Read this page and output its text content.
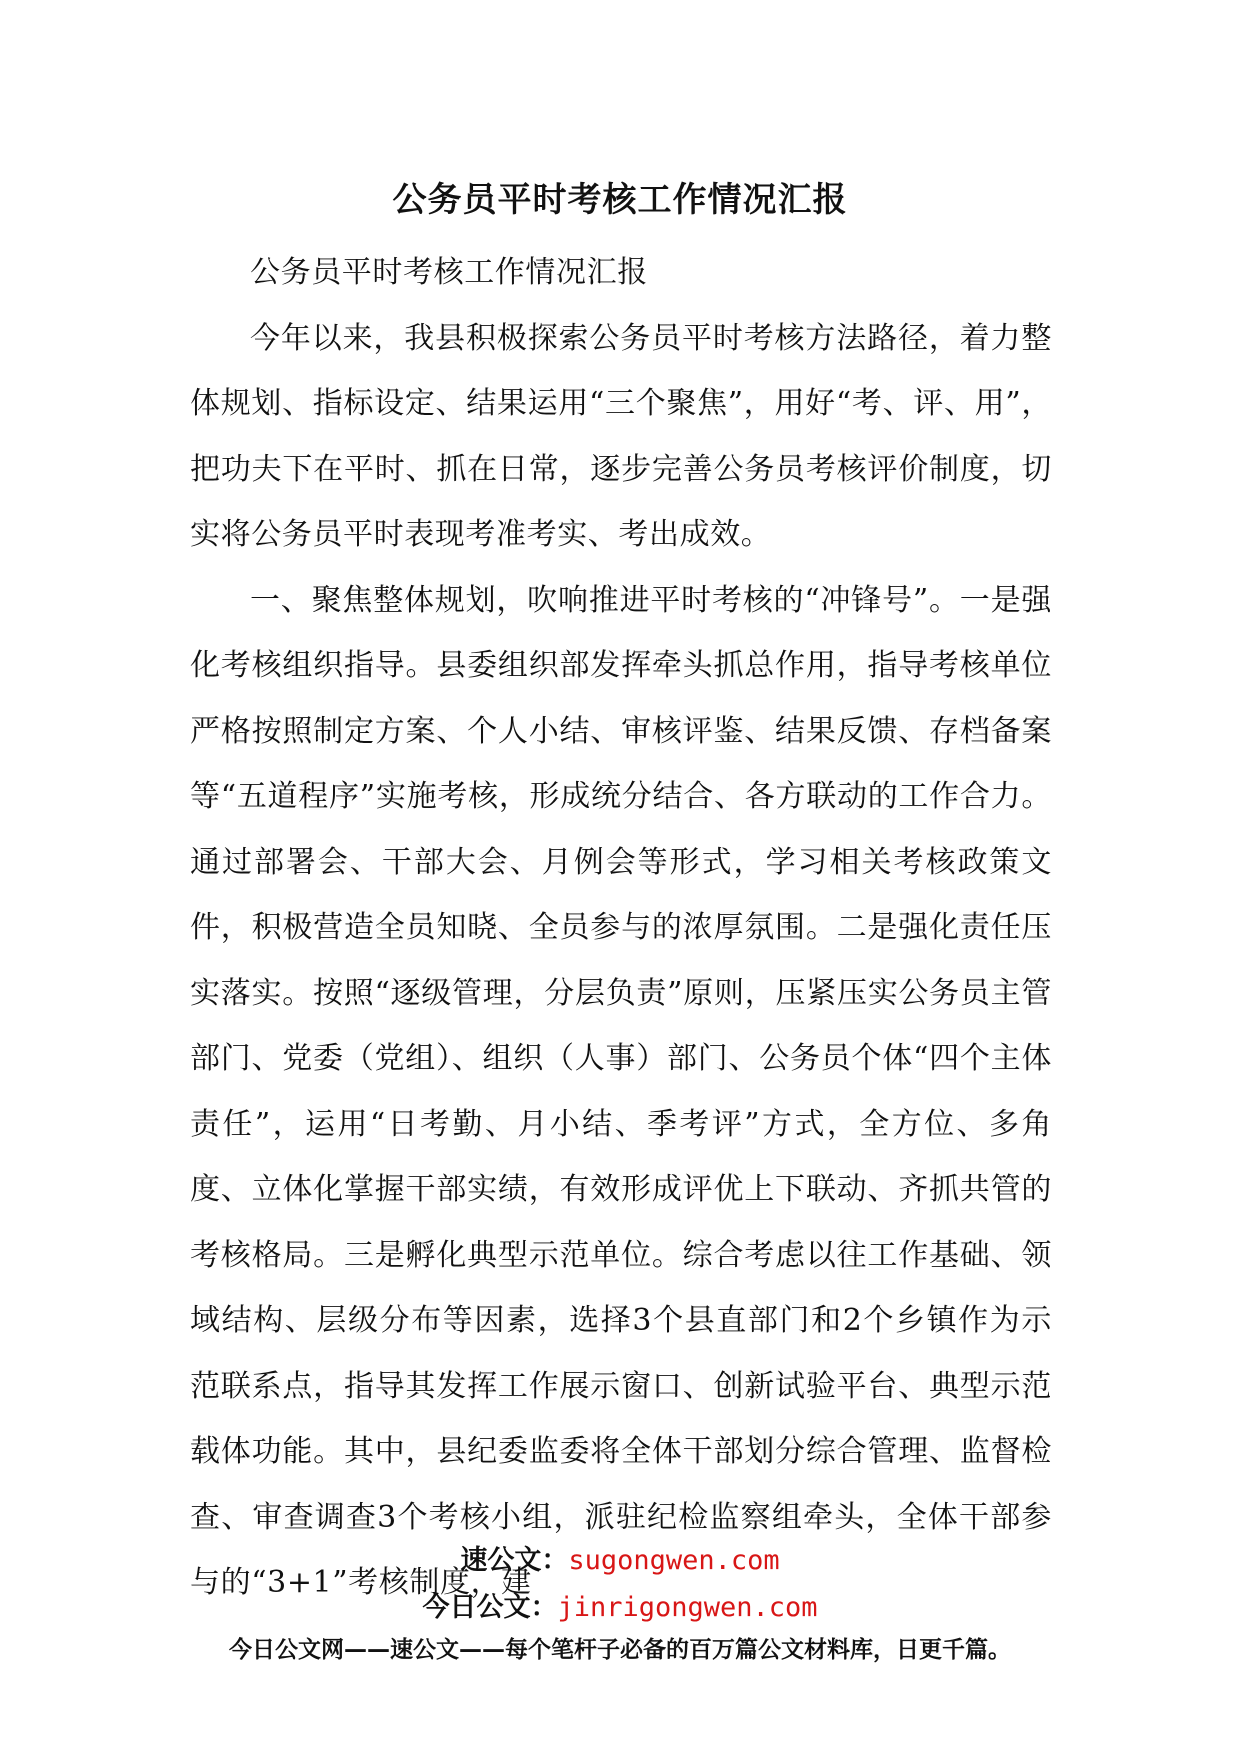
公务员平时考核工作情况汇报

公务员平时考核工作情况汇报

今年以来，我县积极探索公务员平时考核方法路径，着力整体规划、指标设定、结果运用“三个聚焦”，用好“考、评、用”，把功夫下在平时、抓在日常，逐步完善公务员考核评价制度，切实将公务员平时表现考准考实、考出成效。

一、聚焦整体规划，吹响推进平时考核的“冲锋号”。一是强化考核组织指导。县委组织部发挥牵头抓总作用，指导考核单位严格按照制定方案、个人小结、审核评鉴、结果反馈、存档备案等“五道程序”实施考核，形成统分结合、各方联动的工作合力。通过部署会、干部大会、月例会等形式，学习相关考核政策文件，积极营造全员知晓、全员参与的浓厚氛围。二是强化责任压实落实。按照“逐级管理，分层负责”原则，压紧压实公务员主管部门、党委（党组）、组织（人事）部门、公务员个体“四个主体责任”，运用“日考勤、月小结、季考评”方式，全方位、多角度、立体化掌握干部实绩，有效形成评优上下联动、齐抓共管的考核格局。三是孵化典型示范单位。综合考虑以往工作基础、领域结构、层级分布等因素，选择3个县直部门和2个乡镇作为示范联系点，指导其发挥工作展示窗口、创新试验平台、典型示范载体功能。其中，县纪委监委将全体干部划分综合管理、监督检查、审查调查3个考核小组，派驻纪检监察组牵头，全体干部参与的“3+1”考核制度，建

速公文：sugongwen.com
今日公文：jinrigongwen.com
今日公文网——速公文——每个笔杆子必备的百万篇公文材料库，日更千篇。
